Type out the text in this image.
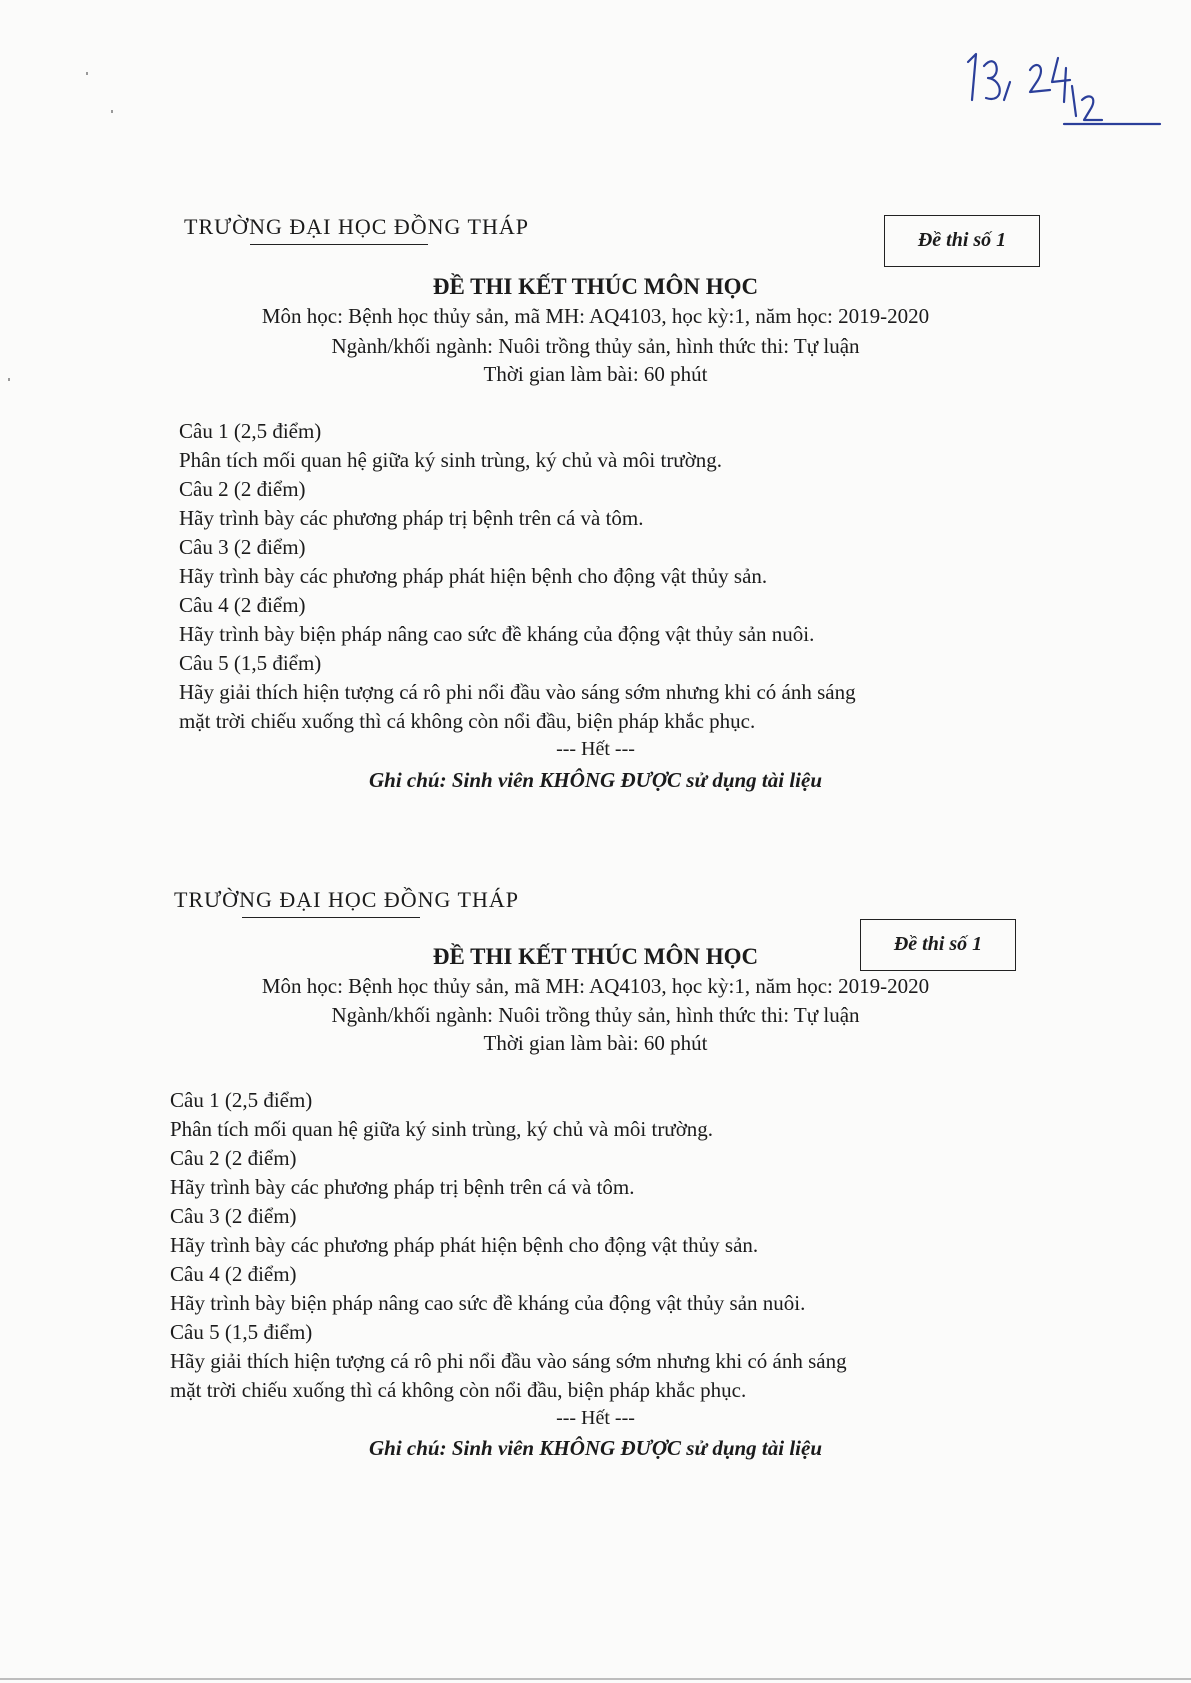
TRƯỜNG ĐẠI HỌC ĐỒNG THÁP
Đề thi số 1
ĐỀ THI KẾT THÚC MÔN HỌC
Môn học: Bệnh học thủy sản, mã MH: AQ4103, học kỳ:1, năm học: 2019-2020
Ngành/khối ngành: Nuôi trồng thủy sản, hình thức thi: Tự luận
Thời gian làm bài: 60 phút
Câu 1 (2,5 điểm)
Phân tích mối quan hệ giữa ký sinh trùng, ký chủ và môi trường.
Câu 2 (2 điểm)
Hãy trình bày các phương pháp trị bệnh trên cá và tôm.
Câu 3 (2 điểm)
Hãy trình bày các phương pháp phát hiện bệnh cho động vật thủy sản.
Câu 4 (2 điểm)
Hãy trình bày biện pháp nâng cao sức đề kháng của động vật thủy sản nuôi.
Câu 5 (1,5 điểm)
Hãy giải thích hiện tượng cá rô phi nổi đầu vào sáng sớm nhưng khi có ánh sáng
mặt trời chiếu xuống thì cá không còn nổi đầu, biện pháp khắc phục.
--- Hết ---
Ghi chú: Sinh viên KHÔNG ĐƯỢC sử dụng tài liệu
TRƯỜNG ĐẠI HỌC ĐỒNG THÁP
Đề thi số 1
ĐỀ THI KẾT THÚC MÔN HỌC
Môn học: Bệnh học thủy sản, mã MH: AQ4103, học kỳ:1, năm học: 2019-2020
Ngành/khối ngành: Nuôi trồng thủy sản, hình thức thi: Tự luận
Thời gian làm bài: 60 phút
Câu 1 (2,5 điểm)
Phân tích mối quan hệ giữa ký sinh trùng, ký chủ và môi trường.
Câu 2 (2 điểm)
Hãy trình bày các phương pháp trị bệnh trên cá và tôm.
Câu 3 (2 điểm)
Hãy trình bày các phương pháp phát hiện bệnh cho động vật thủy sản.
Câu 4 (2 điểm)
Hãy trình bày biện pháp nâng cao sức đề kháng của động vật thủy sản nuôi.
Câu 5 (1,5 điểm)
Hãy giải thích hiện tượng cá rô phi nổi đầu vào sáng sớm nhưng khi có ánh sáng
mặt trời chiếu xuống thì cá không còn nổi đầu, biện pháp khắc phục.
--- Hết ---
Ghi chú: Sinh viên KHÔNG ĐƯỢC sử dụng tài liệu
